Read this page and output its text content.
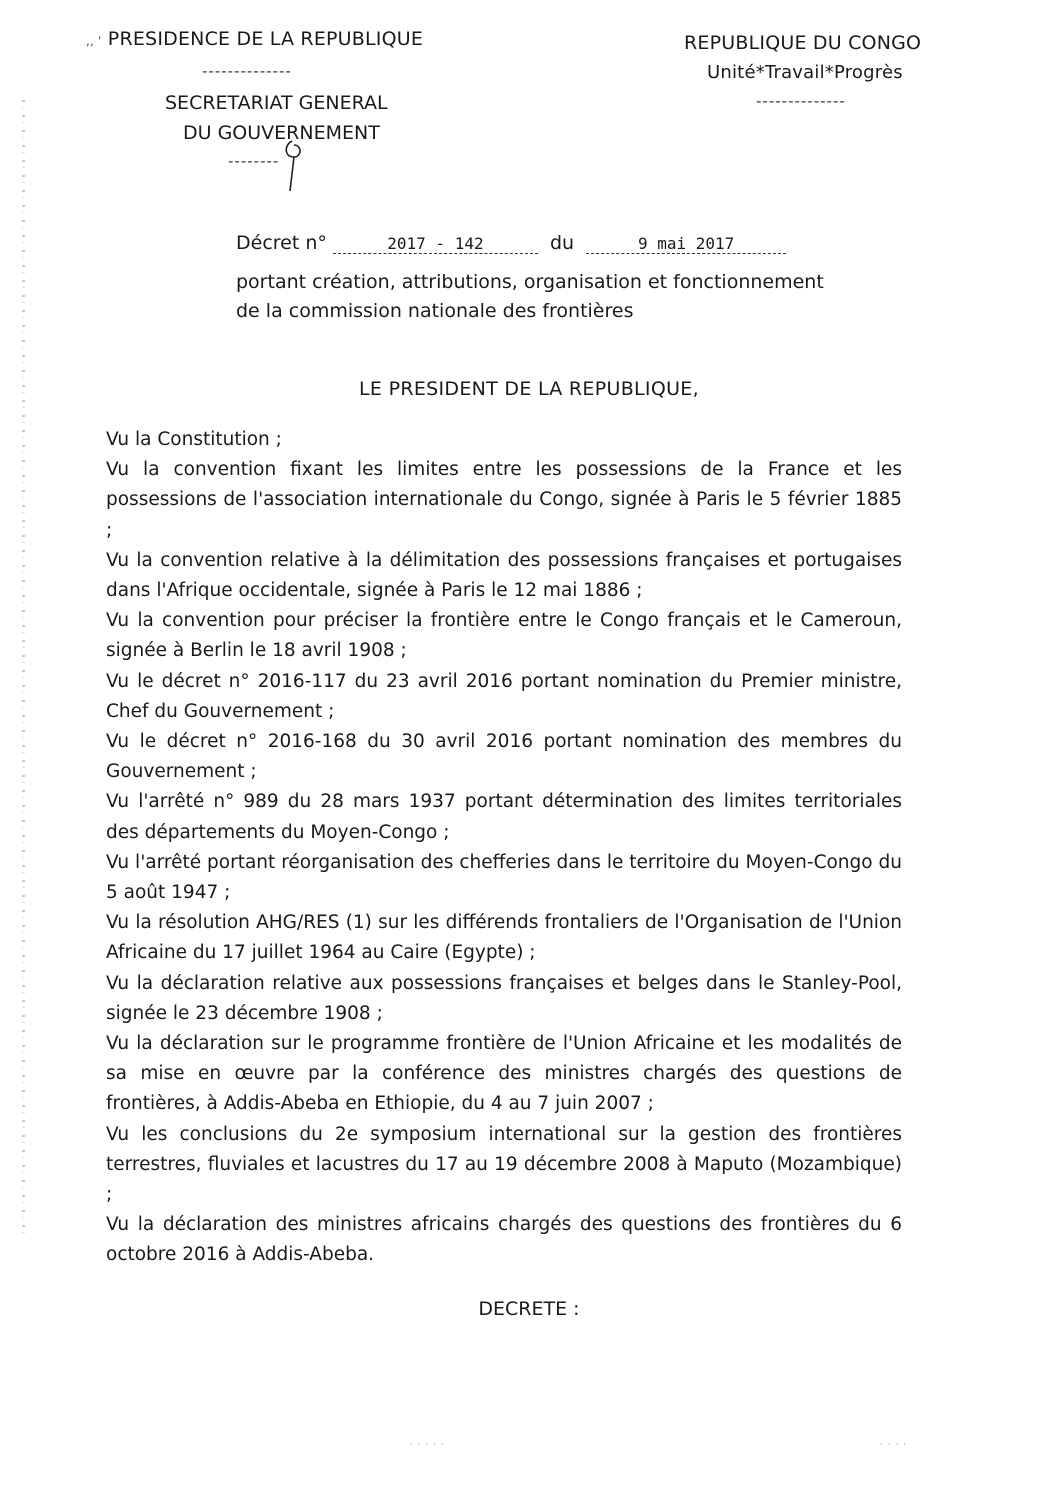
,, ' PRESIDENCE DE LA REPUBLIQUE
--------------
SECRETARIAT GENERAL
DU GOUVERNEMENT
--------
REPUBLIQUE DU CONGO
Unité*Travail*Progrès
--------------
Décret n°	2017 - 142	du	9 mai 2017
portant création, attributions, organisation et fonctionnement
de la commission nationale des frontières
LE PRESIDENT DE LA REPUBLIQUE,

Vu la Constitution ;

Vu la convention fixant les limites entre les possessions de la France et les possessions de l'association internationale du Congo, signée à Paris le 5 février 1885 ;

Vu la convention relative à la délimitation des possessions françaises et portugaises dans l'Afrique occidentale, signée à Paris le 12 mai 1886 ;

Vu la convention pour préciser la frontière entre le Congo français et le Cameroun, signée à Berlin le 18 avril 1908 ;

Vu le décret n° 2016-117 du 23 avril 2016 portant nomination du Premier ministre, Chef du Gouvernement ;

Vu le décret n° 2016-168 du 30 avril 2016 portant nomination des membres du Gouvernement ;

Vu l'arrêté n° 989 du 28 mars 1937 portant détermination des limites territoriales des départements du Moyen-Congo ;

Vu l'arrêté portant réorganisation des chefferies dans le territoire du Moyen-Congo du 5 août 1947 ;

Vu la résolution AHG/RES (1) sur les différends frontaliers de l'Organisation de l'Union Africaine du 17 juillet 1964 au Caire (Egypte) ;

Vu la déclaration relative aux possessions françaises et belges dans le Stanley-Pool, signée le 23 décembre 1908 ;

Vu la déclaration sur le programme frontière de l'Union Africaine et les modalités de sa mise en œuvre par la conférence des ministres chargés des questions de frontières, à Addis-Abeba en Ethiopie, du 4 au 7 juin 2007 ;

Vu les conclusions du 2e symposium international sur la gestion des frontières terrestres, fluviales et lacustres du 17 au 19 décembre 2008 à Maputo (Mozambique) ;

Vu la déclaration des ministres africains chargés des questions des frontières du 6 octobre 2016 à Addis-Abeba.

DECRETE :
· · · · ·	· · · ·
